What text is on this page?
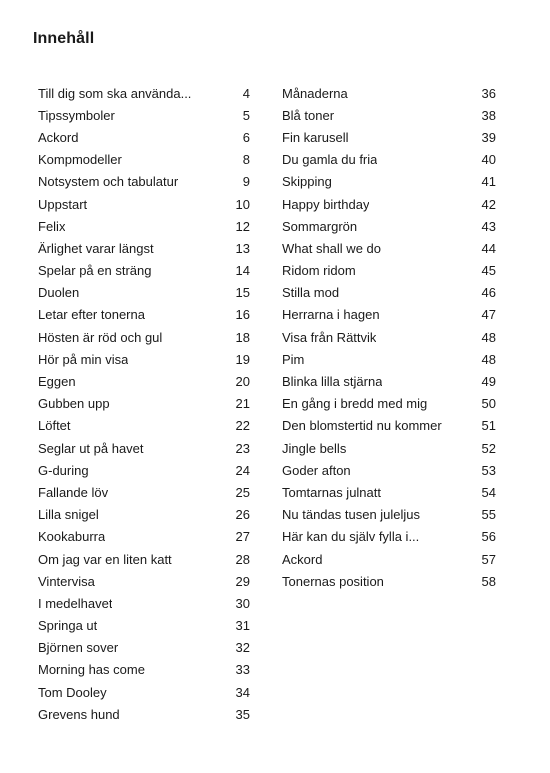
Innehåll
Till dig som ska använda...	4
Tipssymboler	5
Ackord	6
Kompmodeller	8
Notsystem och tabulatur	9
Uppstart	10
Felix	12
Ärlighet varar längst	13
Spelar på en sträng	14
Duolen	15
Letar efter tonerna	16
Hösten är röd och gul	18
Hör på min visa	19
Eggen	20
Gubben upp	21
Löftet	22
Seglar ut på havet	23
G-during	24
Fallande löv	25
Lilla snigel	26
Kookaburra	27
Om jag var en liten katt	28
Vintervisa	29
I medelhavet	30
Springa ut	31
Björnen sover	32
Morning has come	33
Tom Dooley	34
Grevens hund	35
Månaderna	36
Blå toner	38
Fin karusell	39
Du gamla du fria	40
Skipping	41
Happy birthday	42
Sommargrön	43
What shall we do	44
Ridom ridom	45
Stilla mod	46
Herrarna i hagen	47
Visa från Rättvik	48
Pim	48
Blinka lilla stjärna	49
En gång i bredd med mig	50
Den blomstertid nu kommer	51
Jingle bells	52
Goder afton	53
Tomtarnas julnatt	54
Nu tändas tusen juleljus	55
Här kan du själv fylla i...	56
Ackord	57
Tonernas position	58
